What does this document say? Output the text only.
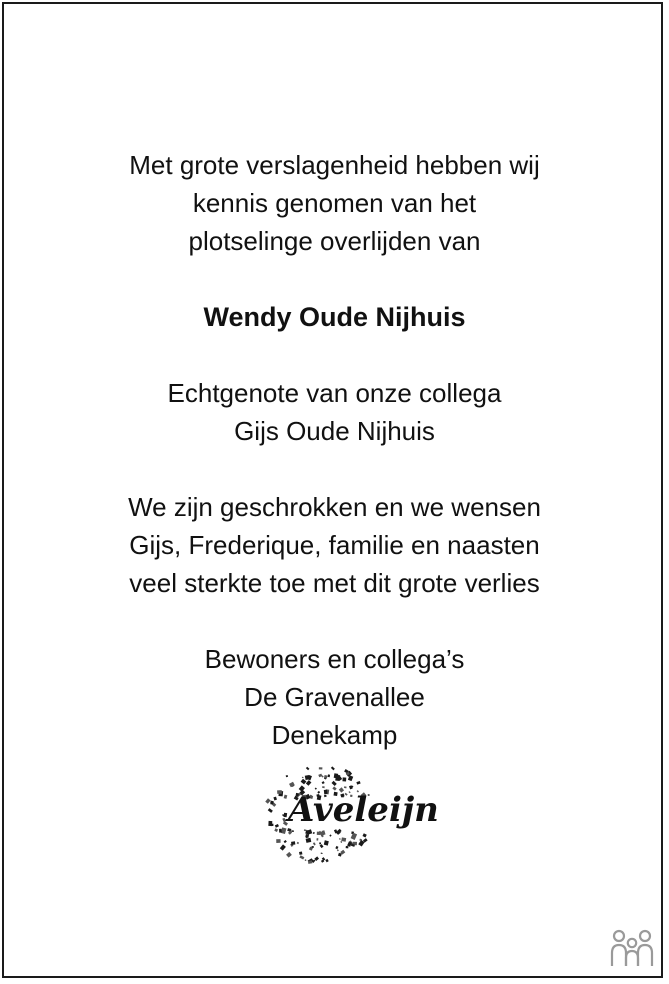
Met grote verslagenheid hebben wij
kennis genomen van het
plotselinge overlijden van
Wendy Oude Nijhuis
Echtgenote van onze collega
Gijs Oude Nijhuis
We zijn geschrokken en we wensen
Gijs, Frederique, familie en naasten
veel sterkte toe met dit grote verlies
Bewoners en collega’s
De Gravenallee
Denekamp
Aveleijn
